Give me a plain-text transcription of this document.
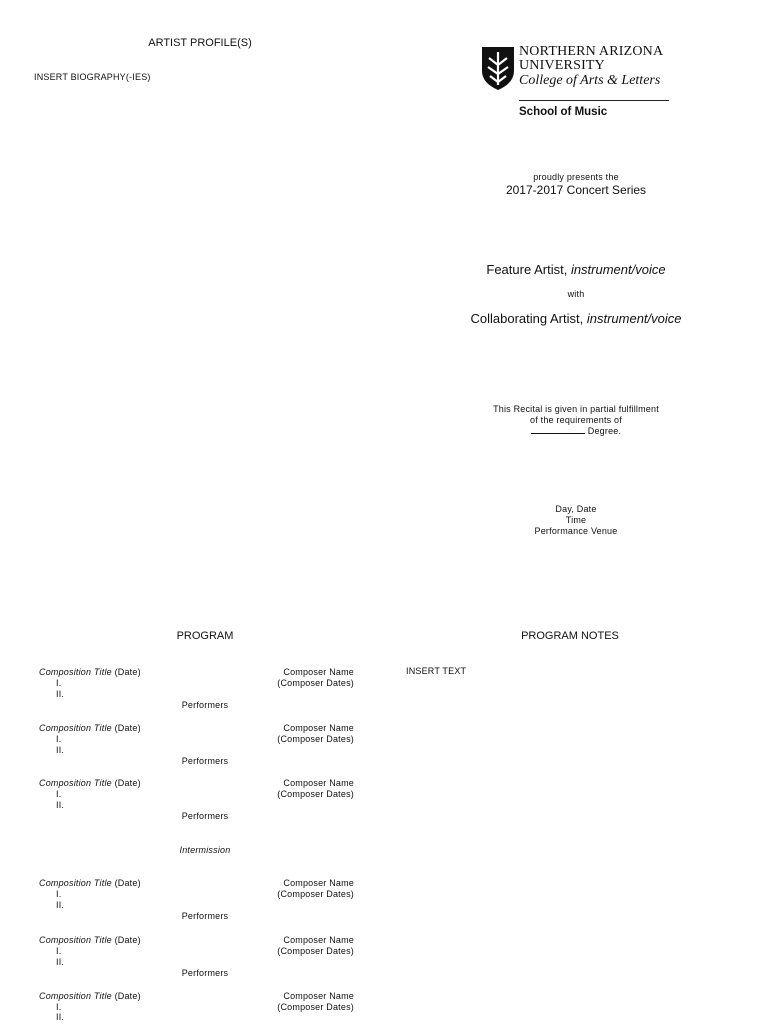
ARTIST PROFILE(S)
INSERT BIOGRAPHY(-IES)
NORTHERN ARIZONA
UNIVERSITY
College of Arts & Letters
School of Music
proudly presents the
2017-2017 Concert Series
Feature Artist, instrument/voice
with
Collaborating Artist, instrument/voice
This Recital is given in partial fulfillment
of the requirements of
Degree.
Day, Date
Time
Performance Venue
PROGRAM	PROGRAM NOTES
INSERT TEXT
Composition Title (Date)
I.
II.
Composer Name
(Composer Dates)
Performers
Composition Title (Date)
I.
II.
Composer Name
(Composer Dates)
Performers
Composition Title (Date)
I.
II.
Composer Name
(Composer Dates)
Performers
Intermission
Composition Title (Date)
I.
II.
Composer Name
(Composer Dates)
Performers
Composition Title (Date)
I.
II.
Composer Name
(Composer Dates)
Performers
Composition Title (Date)
I.
II.
Composer Name
(Composer Dates)
